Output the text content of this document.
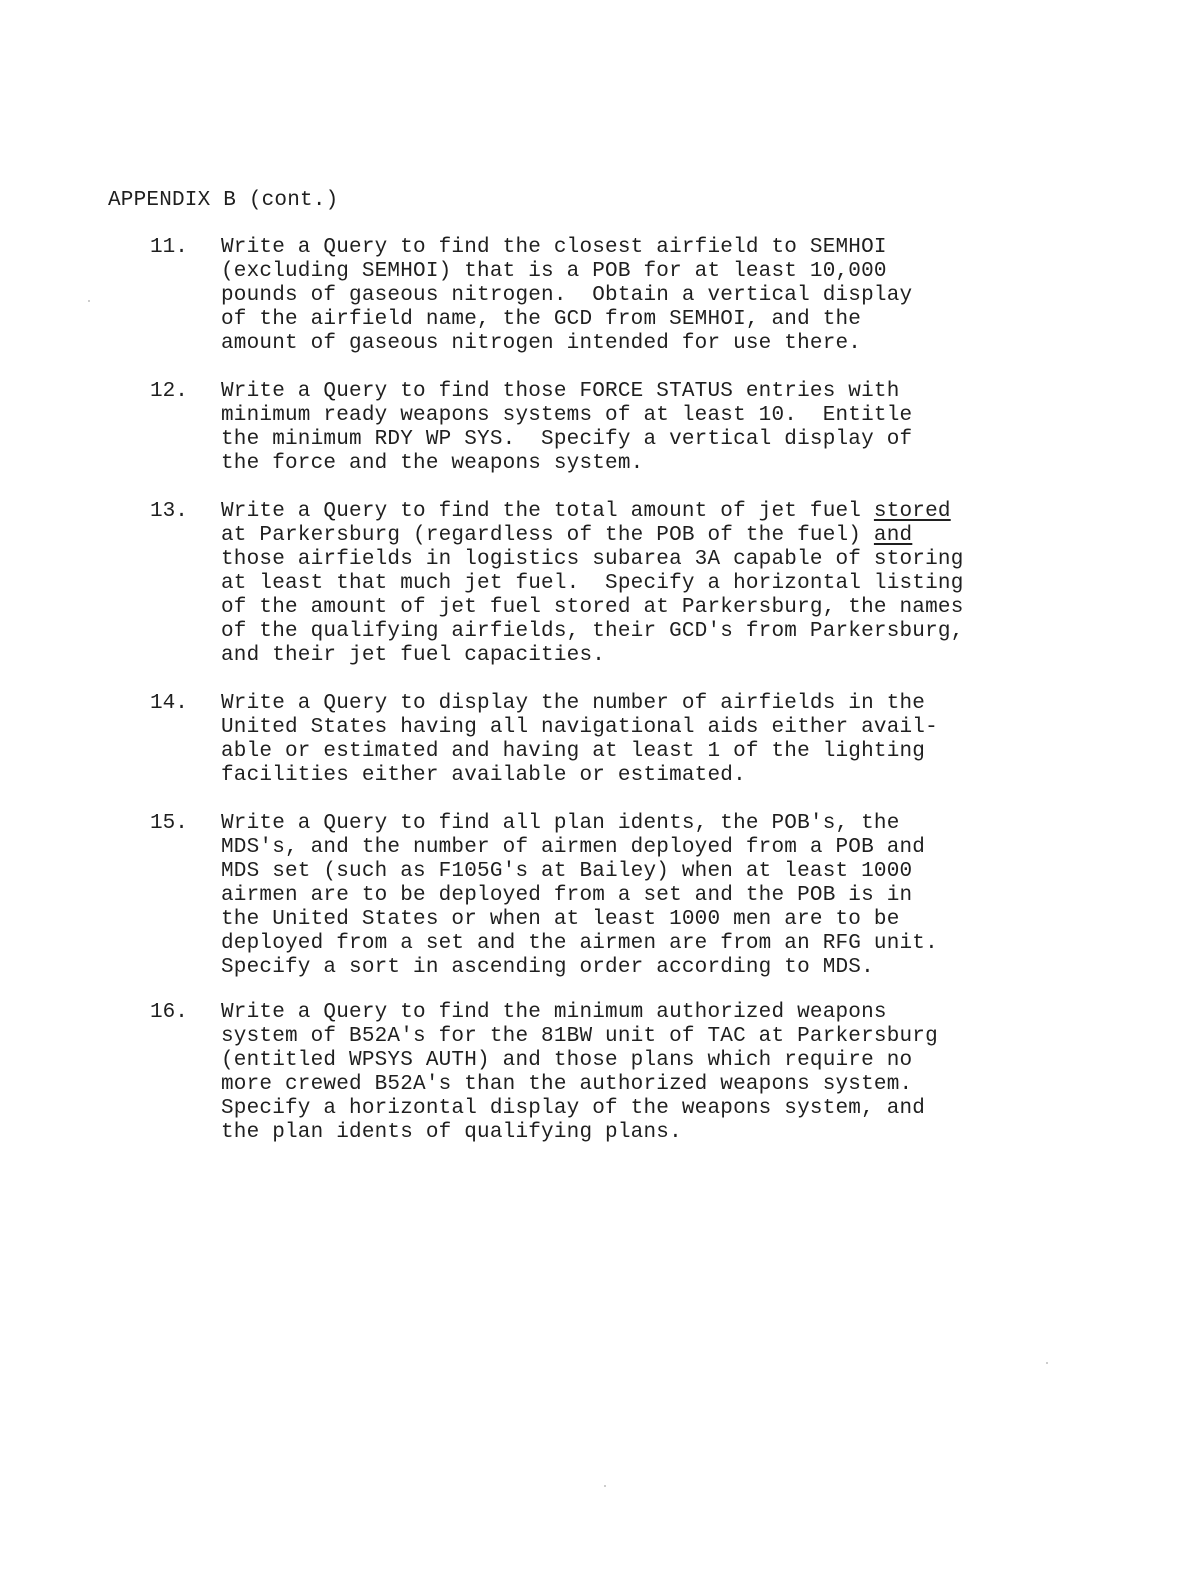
APPENDIX B (cont.)
11. Write a Query to find the closest airfield to SEMHOI
(excluding SEMHOI) that is a POB for at least 10,000
pounds of gaseous nitrogen.  Obtain a vertical display
of the airfield name, the GCD from SEMHOI, and the
amount of gaseous nitrogen intended for use there.
12. Write a Query to find those FORCE STATUS entries with
minimum ready weapons systems of at least 10.  Entitle
the minimum RDY WP SYS.  Specify a vertical display of
the force and the weapons system.
13. Write a Query to find the total amount of jet fuel stored
at Parkersburg (regardless of the POB of the fuel) and
those airfields in logistics subarea 3A capable of storing
at least that much jet fuel.  Specify a horizontal listing
of the amount of jet fuel stored at Parkersburg, the names
of the qualifying airfields, their GCD's from Parkersburg,
and their jet fuel capacities.
14. Write a Query to display the number of airfields in the
United States having all navigational aids either avail-
able or estimated and having at least 1 of the lighting
facilities either available or estimated.
15. Write a Query to find all plan idents, the POB's, the
MDS's, and the number of airmen deployed from a POB and
MDS set (such as F105G's at Bailey) when at least 1000
airmen are to be deployed from a set and the POB is in
the United States or when at least 1000 men are to be
deployed from a set and the airmen are from an RFG unit.
Specify a sort in ascending order according to MDS.
16. Write a Query to find the minimum authorized weapons
system of B52A's for the 81BW unit of TAC at Parkersburg
(entitled WPSYS AUTH) and those plans which require no
more crewed B52A's than the authorized weapons system.
Specify a horizontal display of the weapons system, and
the plan idents of qualifying plans.
